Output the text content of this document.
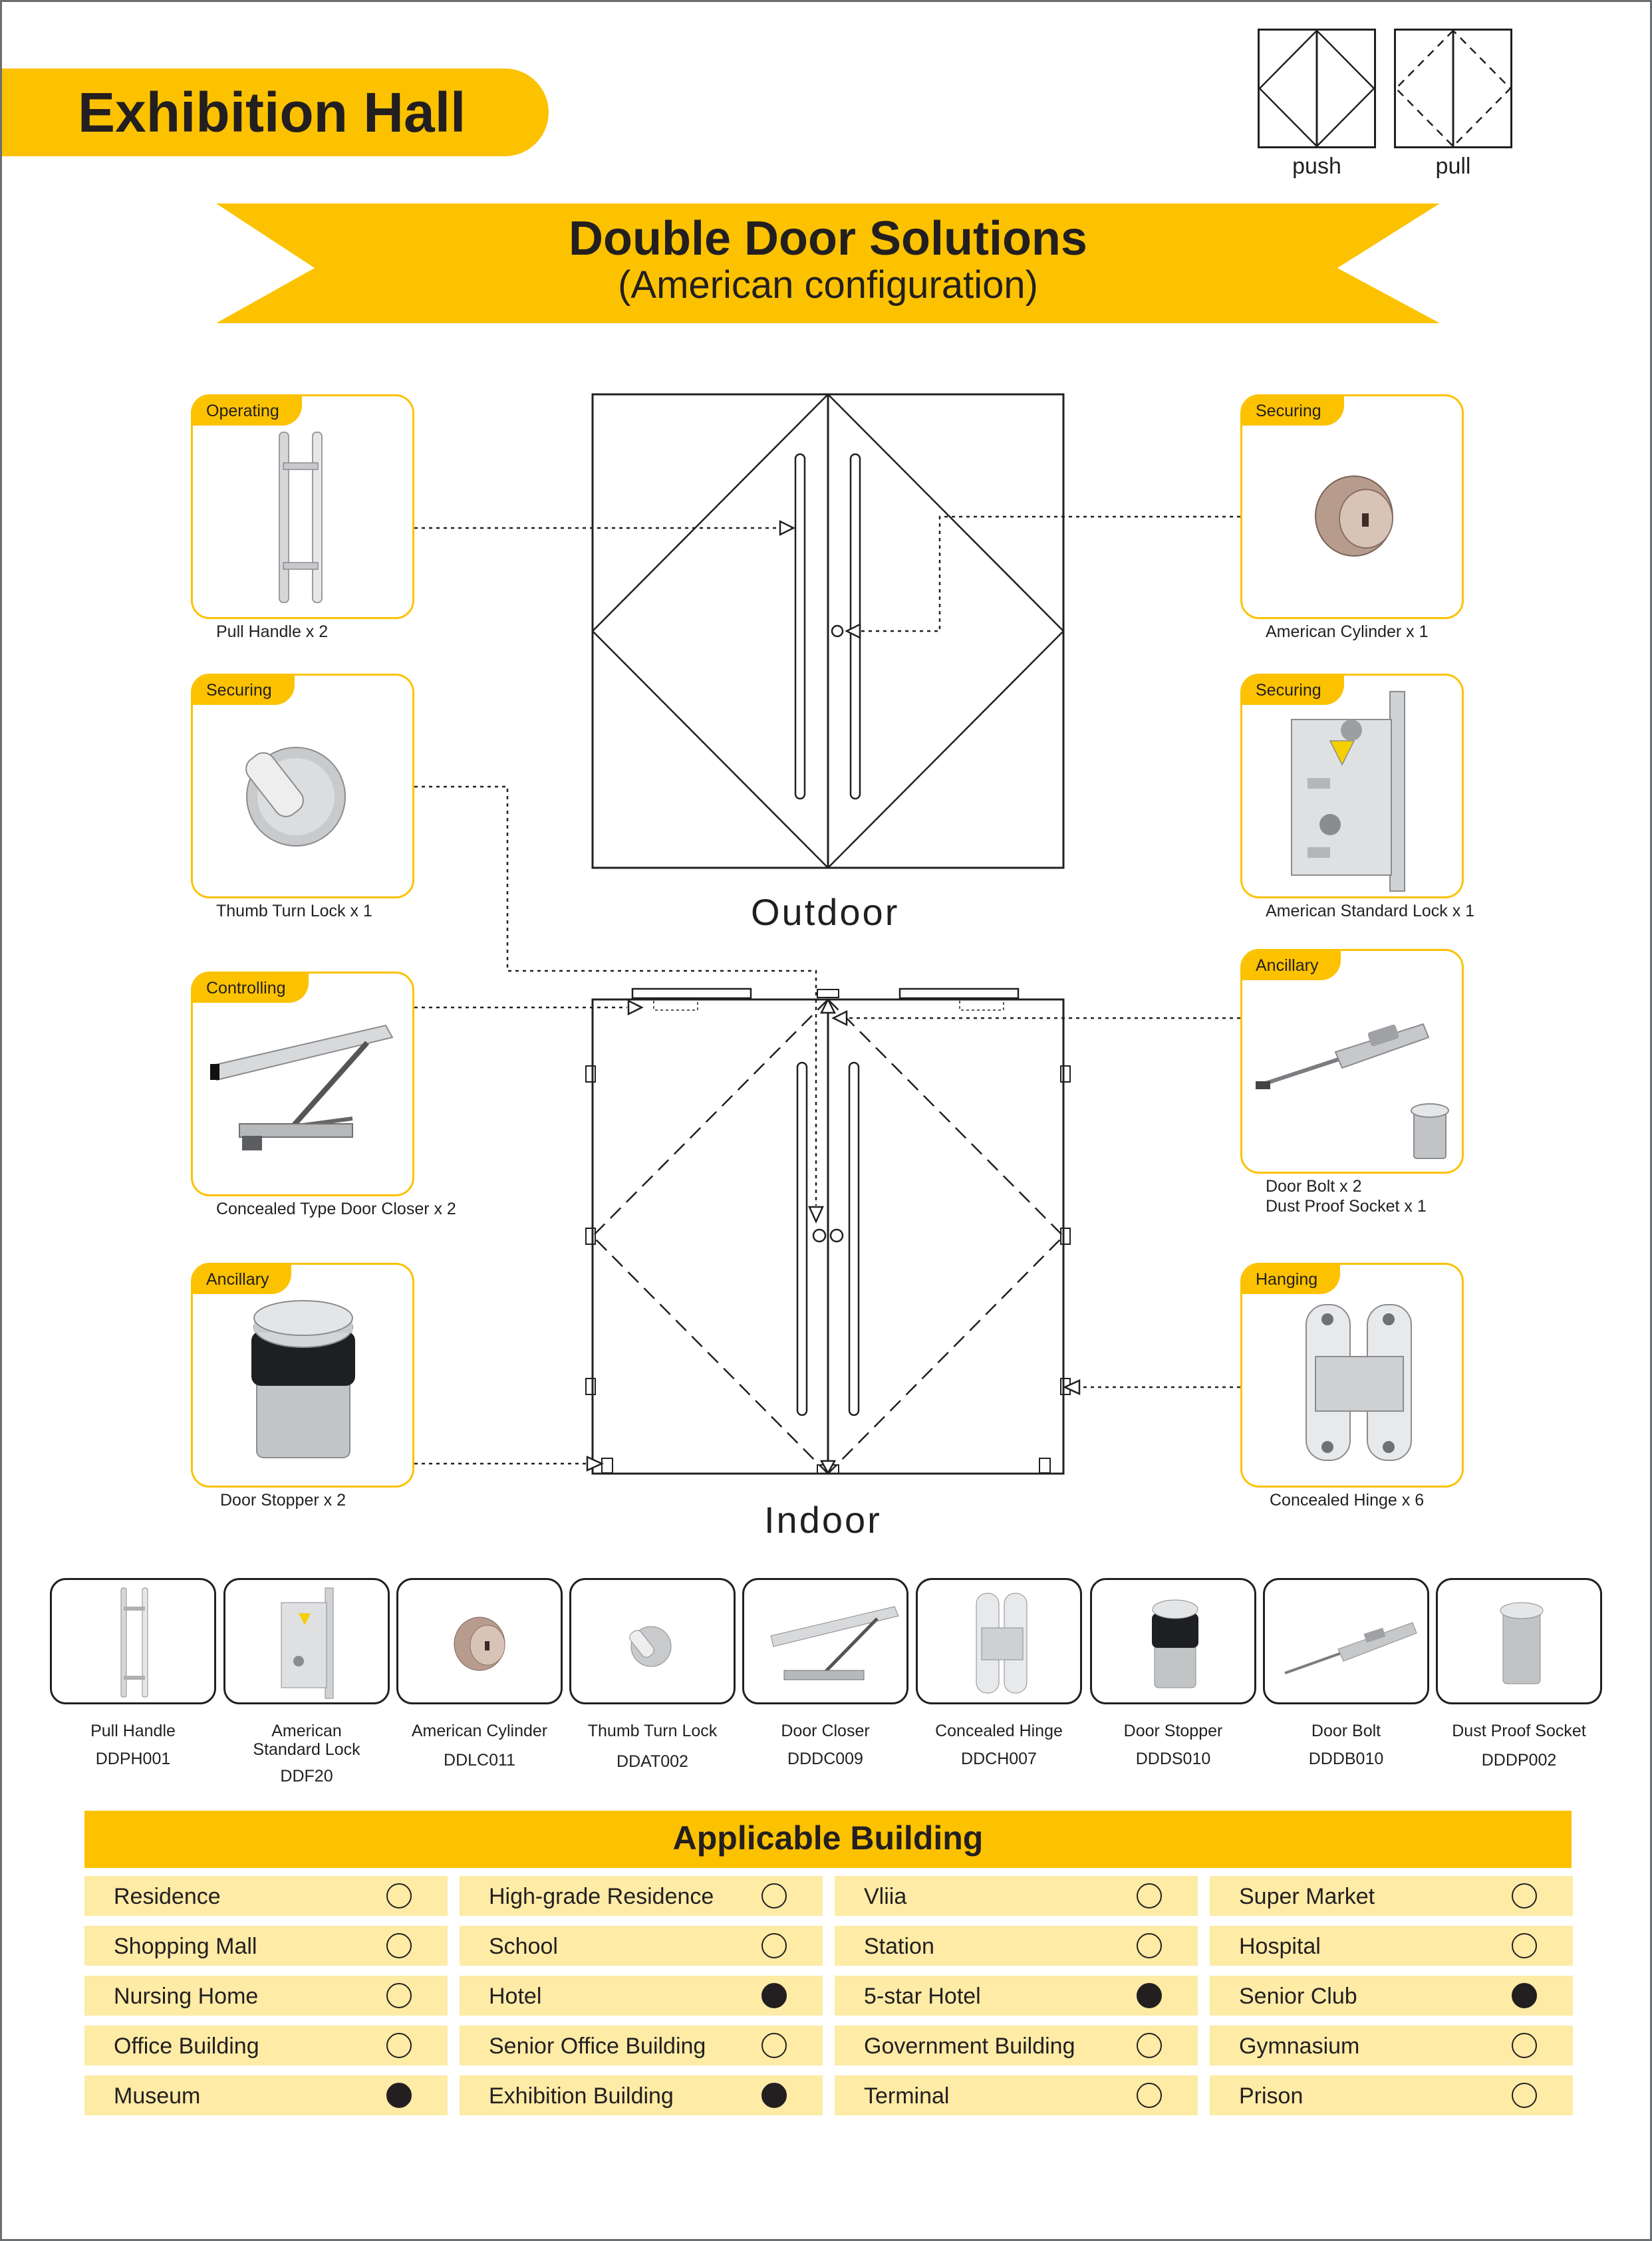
Exhibition Hall
push	pull
Double Door Solutions
(American configuration)
Outdoor
Indoor
Operating
Pull Handle x 2
Securing
Thumb Turn Lock x 1
Controlling
Concealed Type Door Closer x 2
Ancillary
Door Stopper x 2
Securing
American Cylinder x 1
Securing
American Standard Lock x 1
Ancillary
Door Bolt x 2
Dust Proof Socket x 1
Hanging
Concealed Hinge x 6
Pull Handle
DDPH001
American
Standard Lock
DDF20
American Cylinder
DDLC011
Thumb Turn Lock
DDAT002
Door Closer
DDDC009
Concealed Hinge
DDCH007
Door Stopper
DDDS010
Door Bolt
DDDB010
Dust Proof Socket
DDDP002
Applicable Building
Residence	High-grade Residence	Vliia	Super Market
Shopping Mall	School	Station	Hospital
Nursing Home	Hotel	5-star Hotel	Senior Club
Office Building	Senior Office Building	Government Building	Gymnasium
Museum	Exhibition Building	Terminal	Prison
